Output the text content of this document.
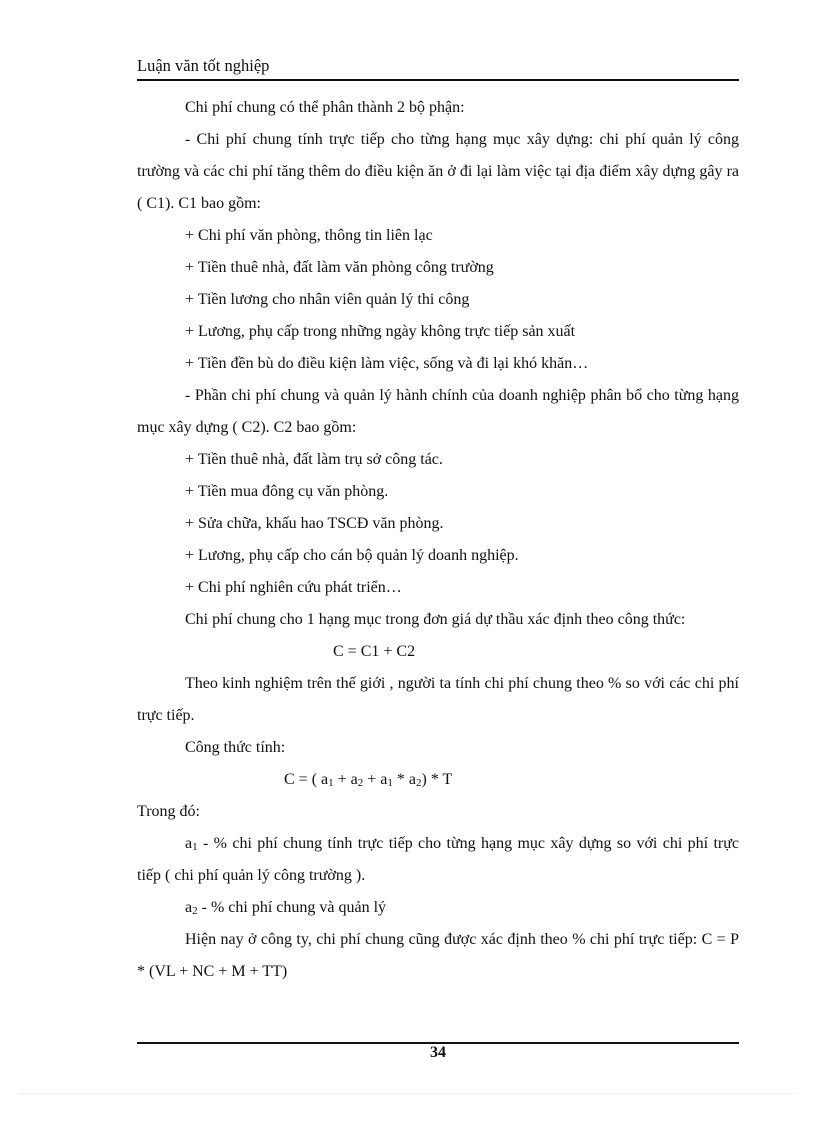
Luận văn tốt nghiệp

Chi phí chung có thể phân thành 2 bộ phận:

- Chi phí chung tính trực tiếp cho từng hạng mục xây dựng: chi phí quản lý công trường và các chi phí tăng thêm do điều kiện ăn ở đi lại làm việc tại địa điểm xây dựng gây ra ( C1). C1 bao gồm:

+ Chi phí văn phòng, thông tin liên lạc

+ Tiền thuê nhà, đất làm văn phòng công trường

+ Tiền lương cho nhân viên quản lý thi công

+ Lương, phụ cấp trong những ngày không trực tiếp sản xuất

+ Tiền đền bù do điều kiện làm việc, sống và đi lại khó khăn…

- Phần chi phí chung và quản lý hành chính của doanh nghiệp phân bổ cho từng hạng mục xây dựng ( C2). C2 bao gồm:

+ Tiền thuê nhà, đất làm trụ sở công tác.

+ Tiền mua đông cụ văn phòng.

+ Sửa chữa, khấu hao TSCĐ văn phòng.

+ Lương, phụ cấp cho cán bộ quản lý doanh nghiệp.

+ Chi phí nghiên cứu phát triển…

Chi phí chung cho 1 hạng mục trong đơn giá dự thầu xác định theo công thức:

C = C1 + C2

Theo kinh nghiệm trên thế giới , người ta tính chi phí chung theo % so với các chi phí trực tiếp.

Công thức tính:

C = ( $a_1 + a_2 + a_1 * a_2) * T$

Trong đó:

$a_1$ - % chi phí chung tính trực tiếp cho từng hạng mục xây dựng so với chi phí trực tiếp ( chi phí quản lý công trường ).

$a_2$ - % chi phí chung và quản lý

Hiện nay ở công ty, chi phí chung cũng được xác định theo % chi phí trực tiếp: C = P * (VL + NC + M + TT)

34
